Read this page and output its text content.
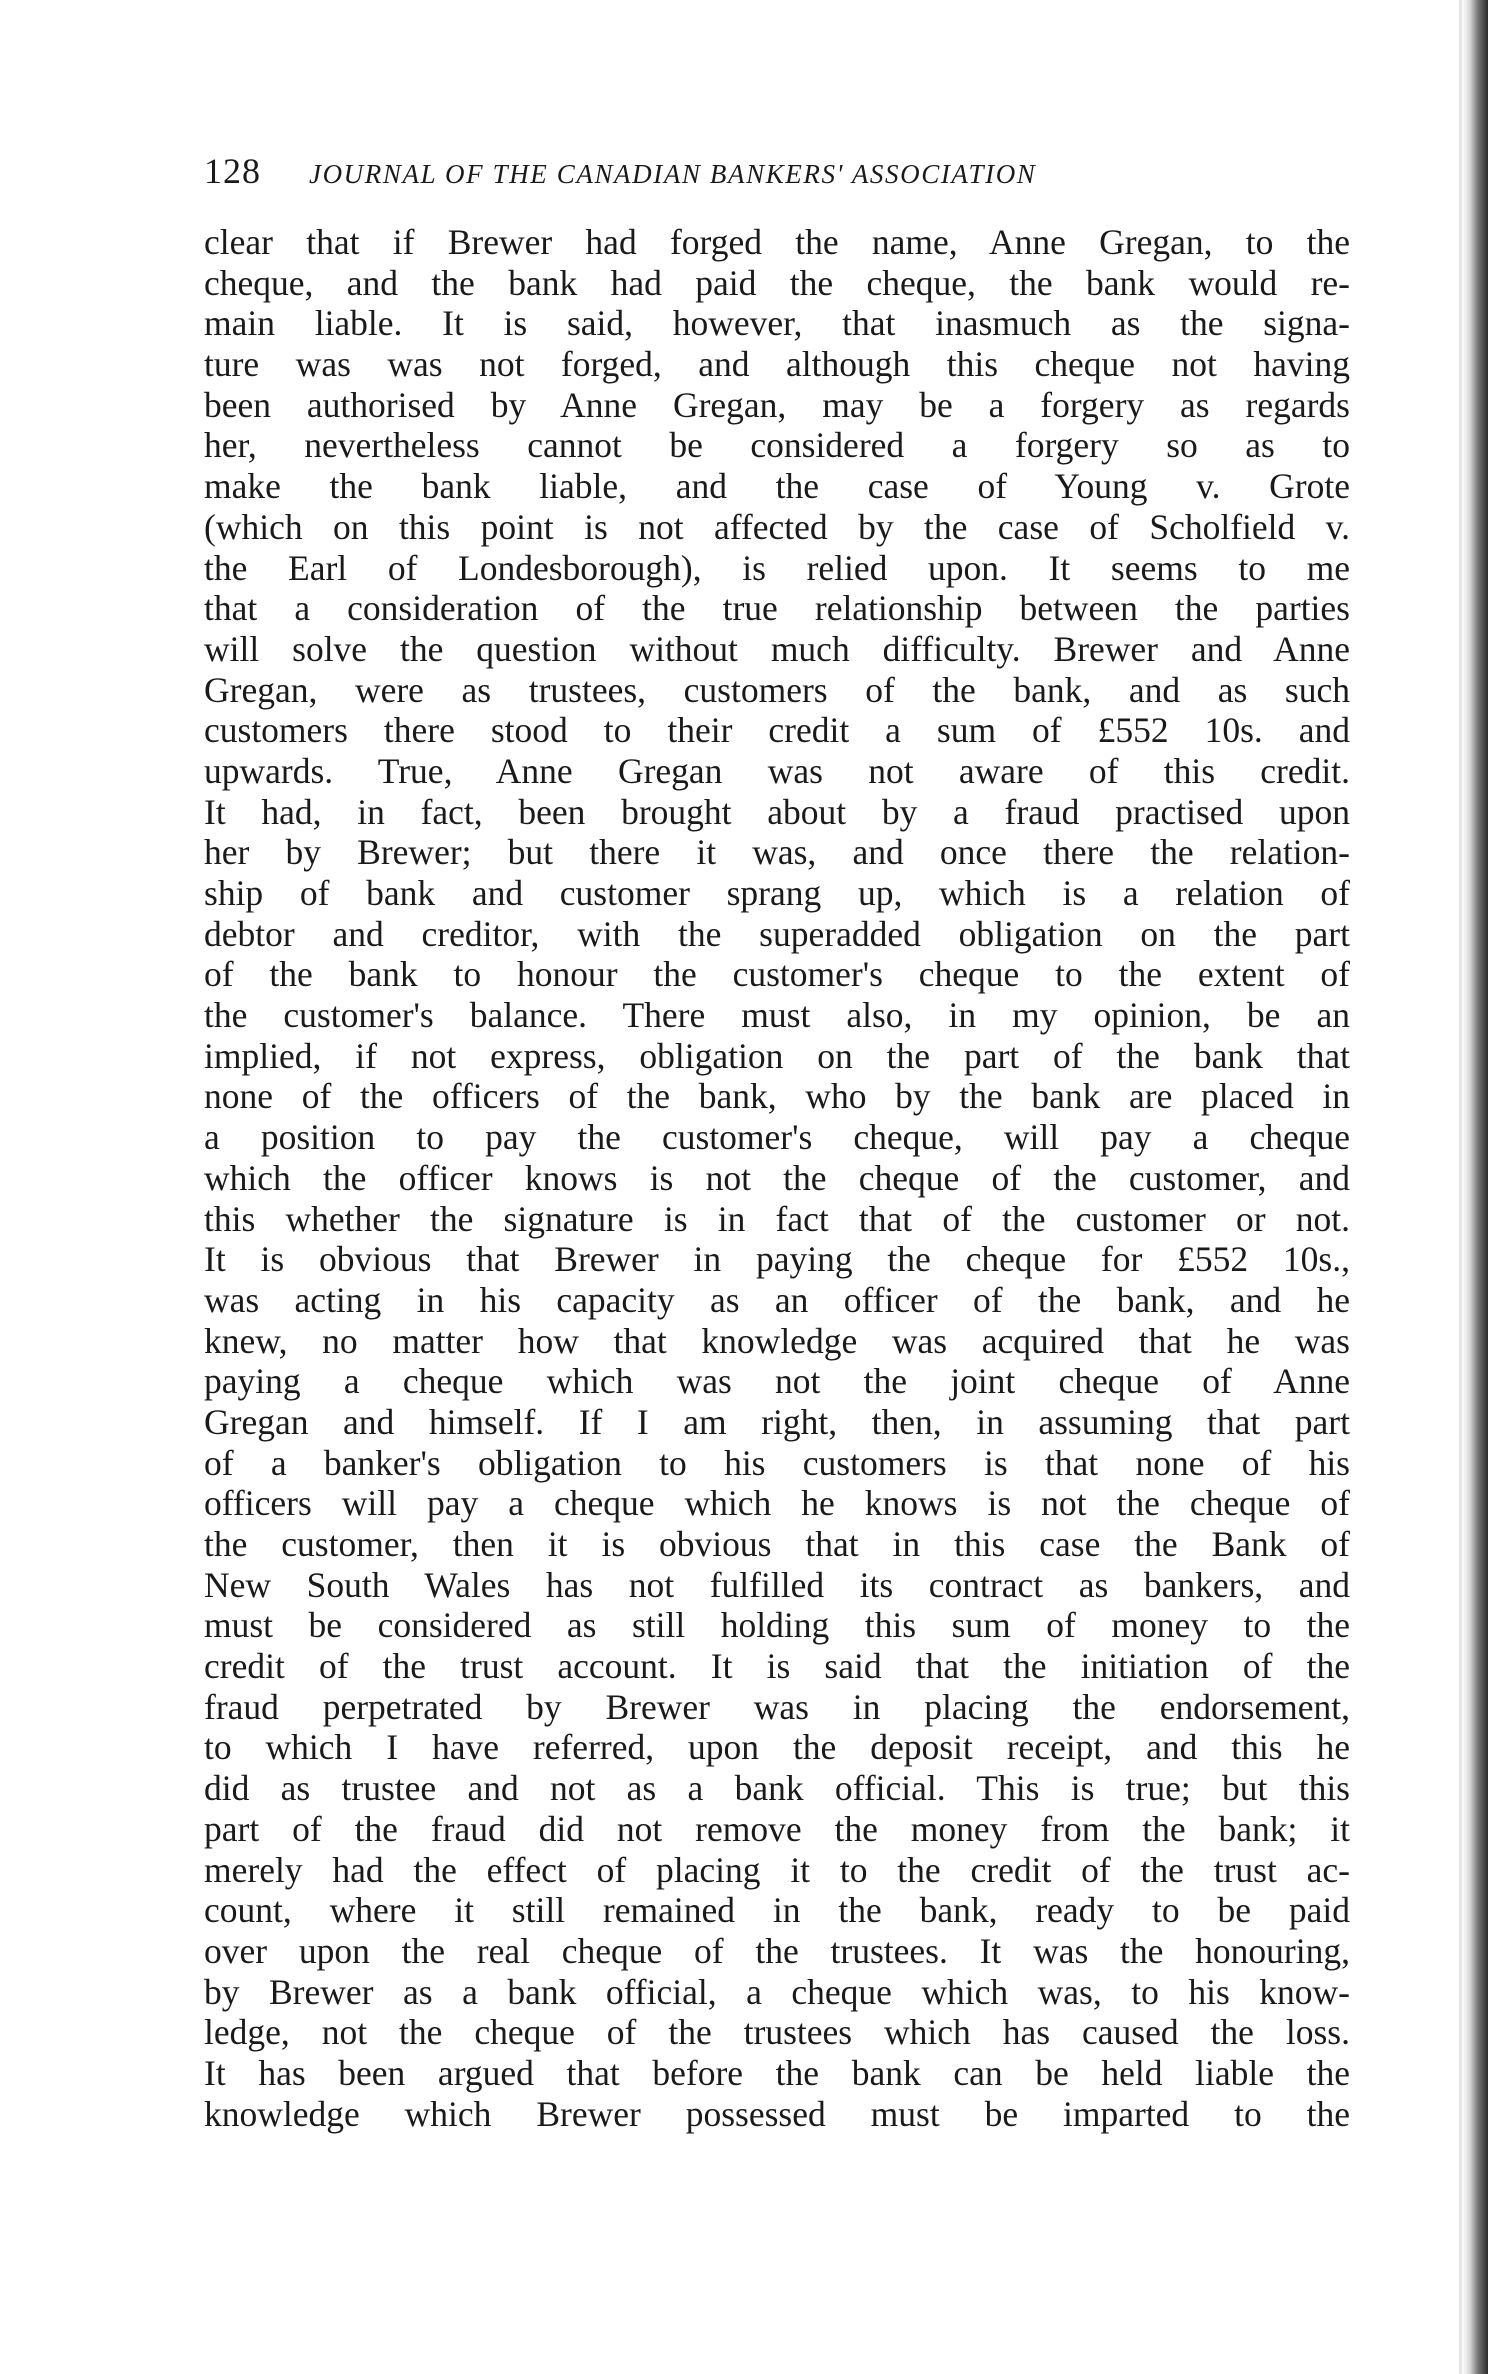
128 JOURNAL OF THE CANADIAN BANKERS' ASSOCIATION
clear that if Brewer had forged the name, Anne Gregan, to the
cheque, and the bank had paid the cheque, the bank would re-
main liable. It is said, however, that inasmuch as the signa-
ture was was not forged, and although this cheque not having
been authorised by Anne Gregan, may be a forgery as regards
her, nevertheless cannot be considered a forgery so as to
make the bank liable, and the case of Young v. Grote
(which on this point is not affected by the case of Scholfield v.
the Earl of Londesborough), is relied upon. It seems to me
that a consideration of the true relationship between the parties
will solve the question without much difficulty. Brewer and Anne
Gregan, were as trustees, customers of the bank, and as such
customers there stood to their credit a sum of £552 10s. and
upwards. True, Anne Gregan was not aware of this credit.
It had, in fact, been brought about by a fraud practised upon
her by Brewer; but there it was, and once there the relation-
ship of bank and customer sprang up, which is a relation of
debtor and creditor, with the superadded obligation on the part
of the bank to honour the customer's cheque to the extent of
the customer's balance. There must also, in my opinion, be an
implied, if not express, obligation on the part of the bank that
none of the officers of the bank, who by the bank are placed in
a position to pay the customer's cheque, will pay a cheque
which the officer knows is not the cheque of the customer, and
this whether the signature is in fact that of the customer or not.
It is obvious that Brewer in paying the cheque for £552 10s.,
was acting in his capacity as an officer of the bank, and he
knew, no matter how that knowledge was acquired that he was
paying a cheque which was not the joint cheque of Anne
Gregan and himself. If I am right, then, in assuming that part
of a banker's obligation to his customers is that none of his
officers will pay a cheque which he knows is not the cheque of
the customer, then it is obvious that in this case the Bank of
New South Wales has not fulfilled its contract as bankers, and
must be considered as still holding this sum of money to the
credit of the trust account. It is said that the initiation of the
fraud perpetrated by Brewer was in placing the endorsement,
to which I have referred, upon the deposit receipt, and this he
did as trustee and not as a bank official. This is true; but this
part of the fraud did not remove the money from the bank; it
merely had the effect of placing it to the credit of the trust ac-
count, where it still remained in the bank, ready to be paid
over upon the real cheque of the trustees. It was the honouring,
by Brewer as a bank official, a cheque which was, to his know-
ledge, not the cheque of the trustees which has caused the loss.
It has been argued that before the bank can be held liable the
knowledge which Brewer possessed must be imparted to the
